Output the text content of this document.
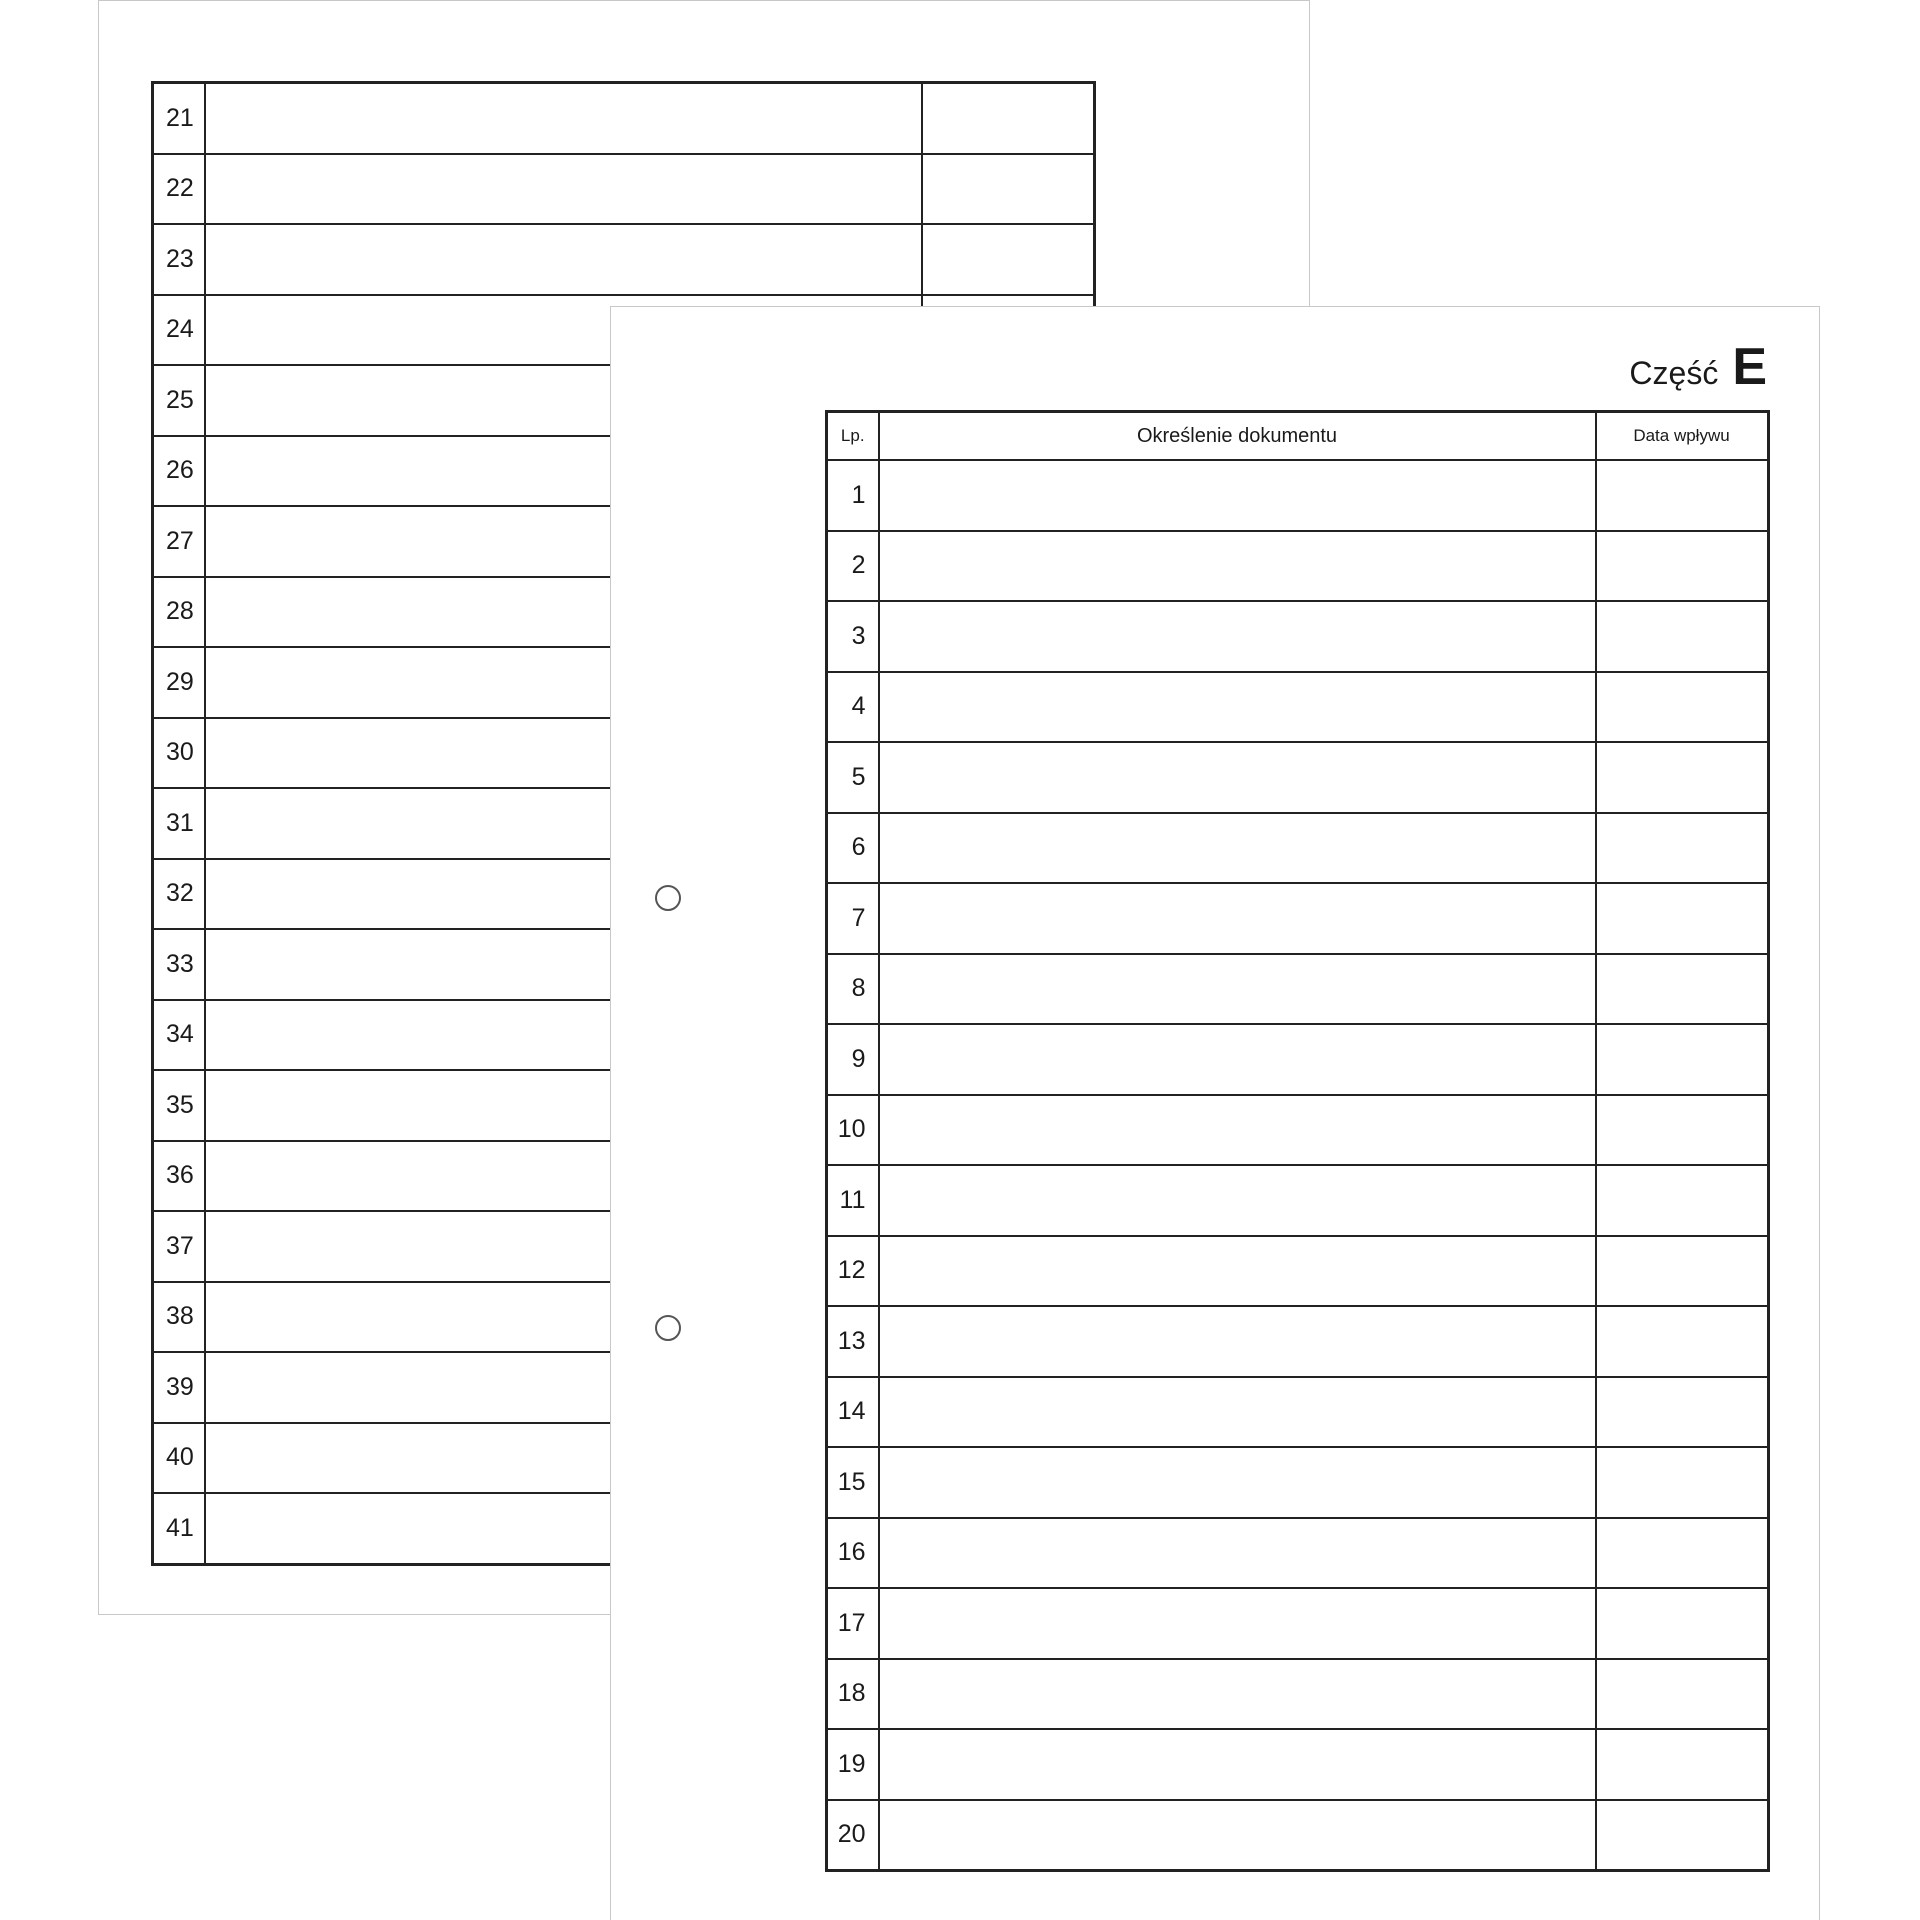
21		
22		
23		
24		
25		
26		
27		
28		
29		
30		
31		
32		
33		
34		
35		
36		
37		
38		
39		
40		
41		
Część E
Lp.	Określenie dokumentu	Data wpływu
1		
2		
3		
4		
5		
6		
7		
8		
9		
10		
11		
12		
13		
14		
15		
16		
17		
18		
19		
20		
